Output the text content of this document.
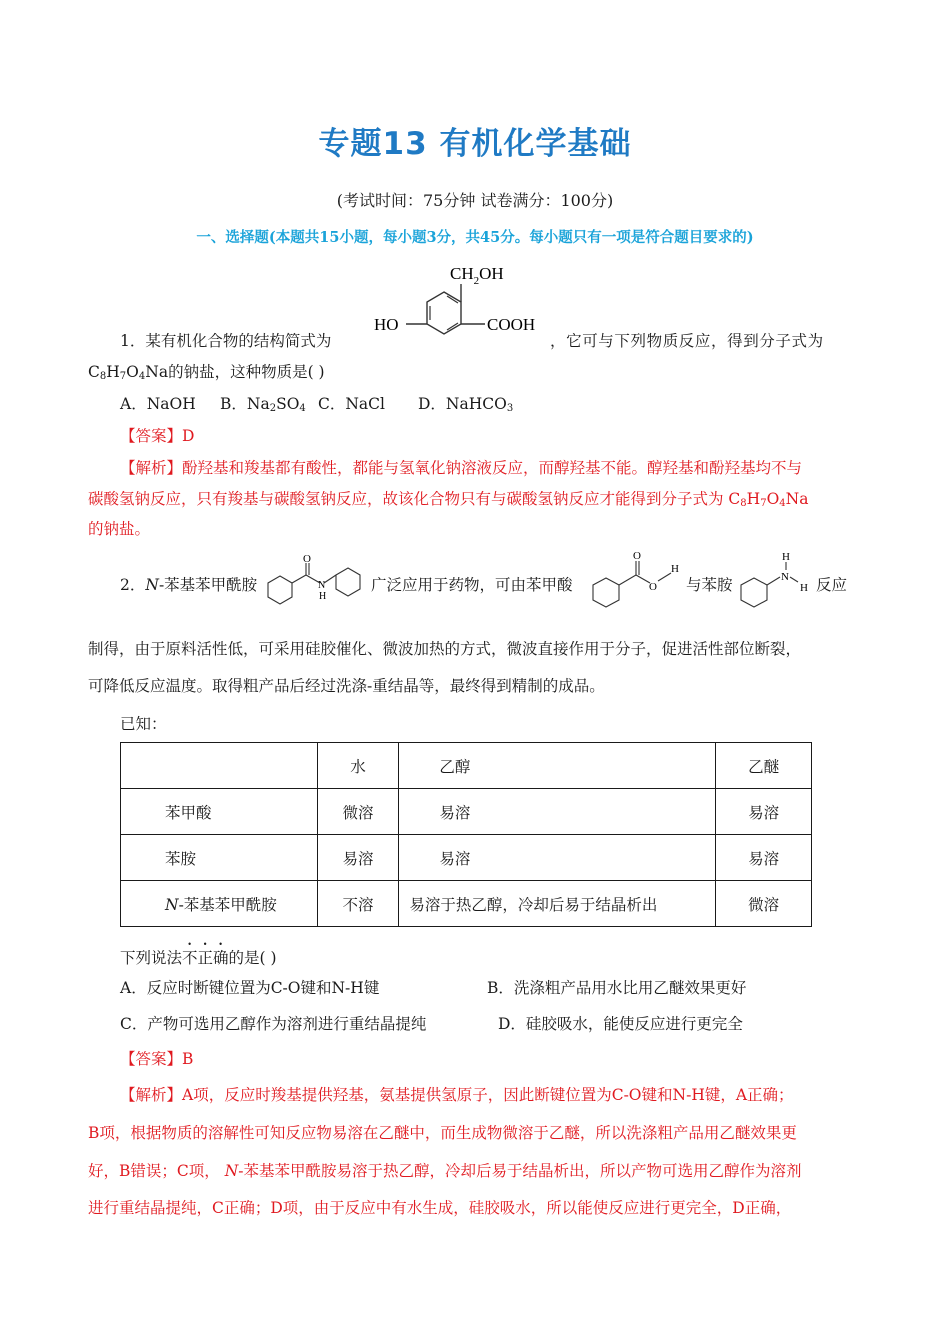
专题13 有机化学基础
(考试时间：75分钟 试卷满分：100分)
一、选择题(本题共15小题，每小题3分，共45分。每小题只有一项是符合题目要求的)
$CH_2OH$
HO	COOH
1．某有机化合物的结构简式为	，它可与下列物质反应，得到分子式为
$C_8H_7O_4Na$的钠盐，这种物质是( )
A．NaOH B．$Na_2SO_4$ C．NaCl D．NaHCO$_3$
【答案】D
【解析】酚羟基和羧基都有酸性，都能与氢氧化钠溶液反应，而醇羟基不能。醇羟基和酚羟基均不与
碳酸氢钠反应，只有羧基与碳酸氢钠反应，故该化合物只有与碳酸氢钠反应才能得到分子式为 $C_8H_7O_4Na$
的钠盐。
2．N-苯基苯甲酰胺
O
N
H
广泛应用于药物，可由苯甲酸
O
O
H
与苯胺
H
N
H 反应
制得，由于原料活性低，可采用硅胶催化、微波加热的方式，微波直接作用于分子，促进活性部位断裂，
可降低反应温度。取得粗产品后经过洗涤-重结晶等，最终得到精制的成品。
已知：
	水	乙醇	乙醚
苯甲酸	微溶	易溶	易溶
苯胺	易溶	易溶	易溶
N-苯基苯甲酰胺	不溶	易溶于热乙醇，冷却后易于结晶析出	微溶
下列说法不正确的是( )
A．反应时断键位置为C-O键和N-H键	B．洗涤粗产品用水比用乙醚效果更好
C．产物可选用乙醇作为溶剂进行重结晶提纯	D．硅胶吸水，能使反应进行更完全
【答案】B
【解析】A项，反应时羧基提供羟基，氨基提供氢原子，因此断键位置为C-O键和N-H键，A正确；
B项，根据物质的溶解性可知反应物易溶在乙醚中，而生成物微溶于乙醚，所以洗涤粗产品用乙醚效果更
好，B错误；C项， N-苯基苯甲酰胺易溶于热乙醇，冷却后易于结晶析出，所以产物可选用乙醇作为溶剂
进行重结晶提纯，C正确；D项，由于反应中有水生成，硅胶吸水，所以能使反应进行更完全，D正确，
